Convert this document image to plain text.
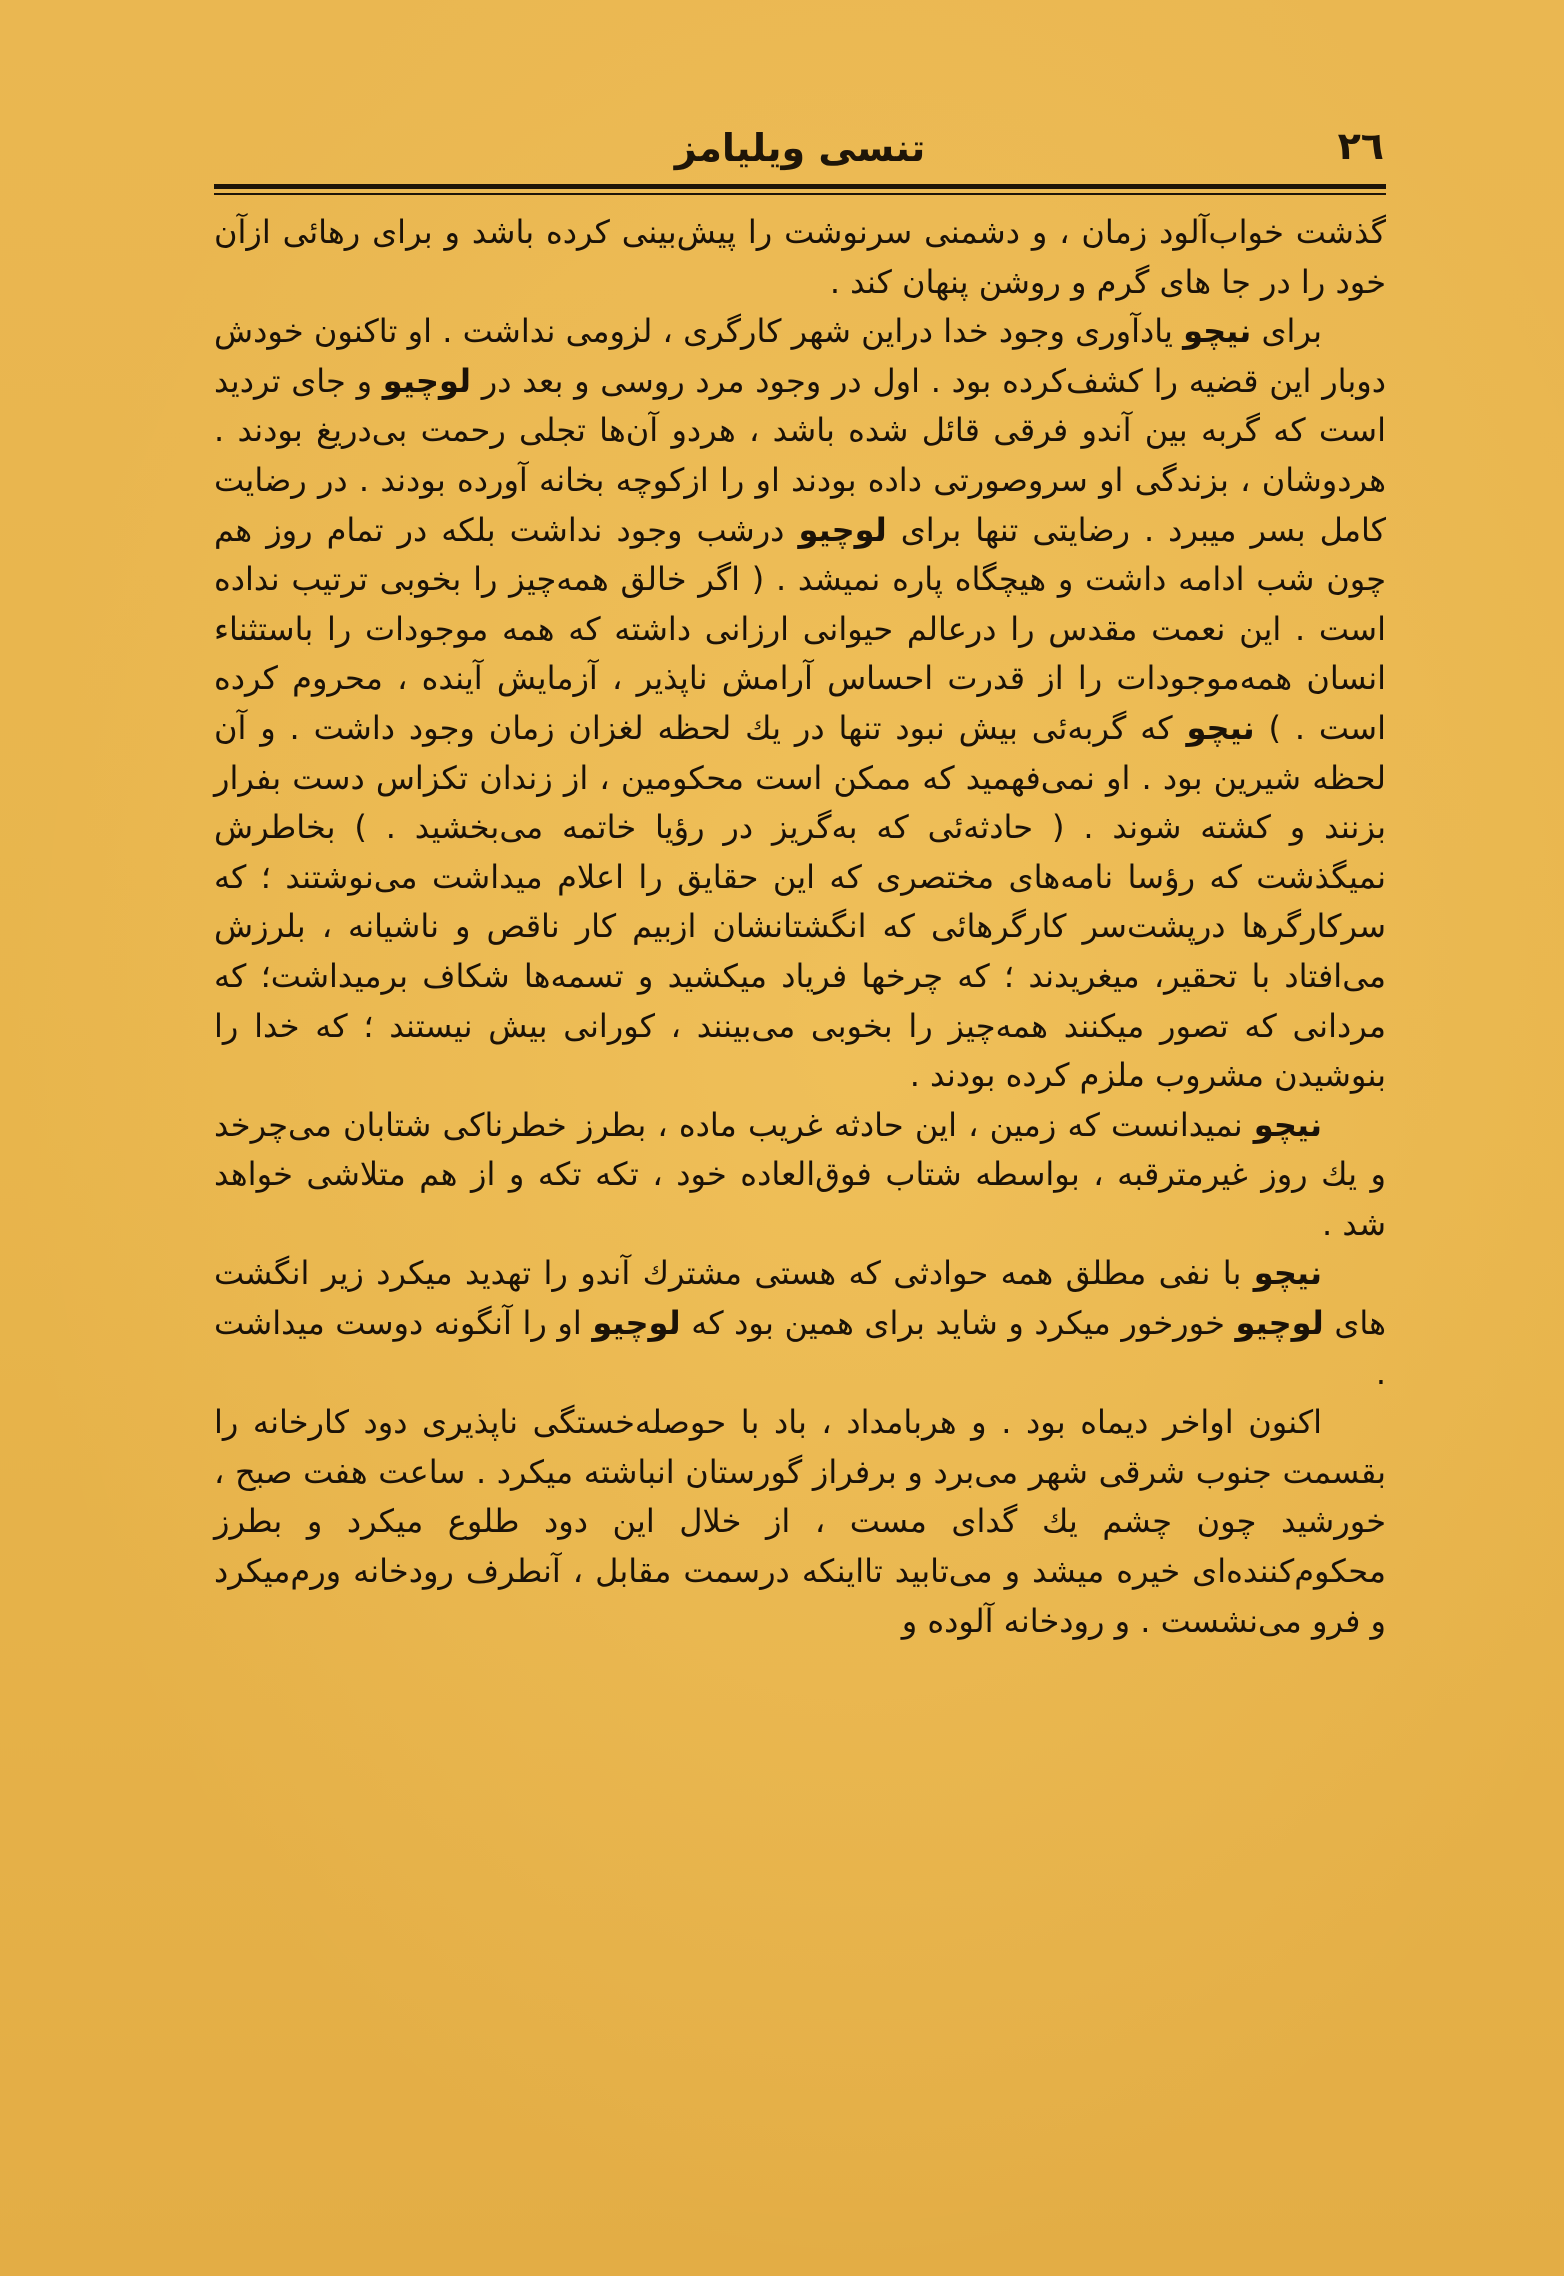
٢٦
تنسی ویلیامز

گذشت خواب‌آلود زمان ، و دشمنی سرنوشت را پیش‌بینی کرده باشد و برای رهائی ازآن خود را در جا های گرم و روشن پنهان کند .

برای نیچو یادآوری وجود خدا دراین شهر کارگری ، لزومی نداشت . او تاکنون خودش دوبار این قضیه را کشف‌کرده بود . اول در وجود مرد روسی و بعد در لوچیو و جای تردید است که گربه بین آندو فرقی قائل شده باشد ، هردو آن‌ها تجلی رحمت بی‌دریغ بودند . هردوشان ، بزندگی او سروصورتی داده بودند او را ازکوچه بخانه آورده بودند . در رضایت کامل بسر میبرد . رضایتی تنها برای لوچیو درشب وجود نداشت بلکه در تمام روز هم چون شب ادامه داشت و هیچگاه پاره نمیشد . ( اگر خالق همه‌چیز را بخوبی ترتیب نداده است . این نعمت مقدس را درعالم حیوانی ارزانی داشته که همه موجودات را باستثناء انسان همه‌موجودات را از قدرت احساس آرامش ناپذیر ، آزمایش آینده ، محروم کرده است . ) نیچو که گربه‌ئی بیش نبود تنها در یك لحظه لغزان زمان وجود داشت . و آن لحظه شیرین بود . او نمی‌فهمید که ممکن است محکومین ، از زندان تکزاس دست بفرار بزنند و کشته شوند . ( حادثه‌ئی که به‌گریز در رؤیا خاتمه می‌بخشید . ) بخاطرش نمیگذشت که رؤسا نامه‌های مختصری که این حقایق را اعلام میداشت می‌نوشتند ؛ که سرکارگرها درپشت‌سر کارگرهائی که انگشتانشان ازبیم کار ناقص و ناشیانه ، بلرزش می‌افتاد با تحقیر، میغریدند ؛ که چرخها فریاد میکشید و تسمه‌ها شکاف برمیداشت؛ که مردانی که تصور میکنند همه‌چیز را بخوبی می‌بینند ، کورانی بیش نیستند ؛ که خدا را بنوشیدن مشروب ملزم کرده بودند .

نیچو نمیدانست که زمین ، این حادثه غریب ماده ، بطرز خطرناکی شتابان می‌چرخد و یك روز غیرمترقبه ، بواسطه شتاب فوق‌العاده خود ، تکه تکه و از هم متلاشی خواهد شد .

نیچو با نفی مطلق همه حوادثی که هستی مشترك آندو را تهدید میکرد زیر انگشت های لوچیو خورخور میکرد و شاید برای همین بود که لوچیو او را آنگونه دوست میداشت .

اکنون اواخر دیماه بود . و هربامداد ، باد با حوصله‌خستگی ناپذیری دود کارخانه را بقسمت جنوب شرقی شهر می‌برد و برفراز گورستان انباشته میکرد . ساعت هفت صبح ، خورشید چون چشم یك گدای مست ، از خلال این دود طلوع میکرد و بطرز محکوم‌کننده‌ای خیره میشد و می‌تابید تااینکه درسمت مقابل ، آنطرف رودخانه ورم‌میکرد و فرو می‌نشست . و رودخانه آلوده و
